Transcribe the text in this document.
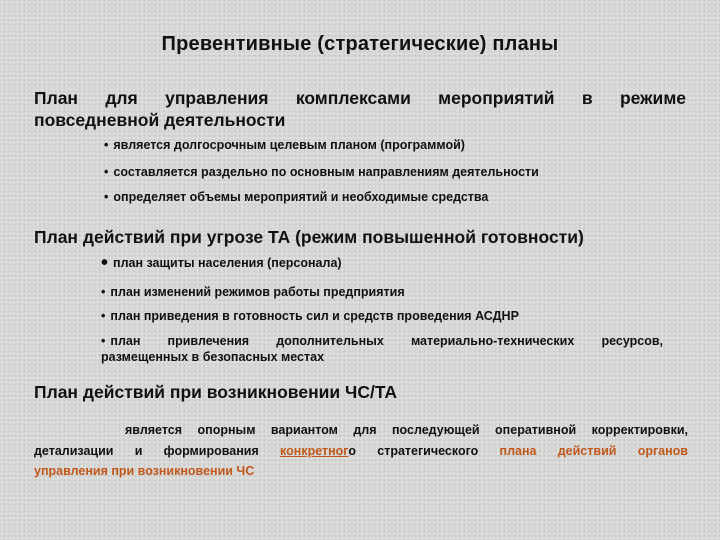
Превентивные (стратегические) планы
План для управления комплексами мероприятий в режиме
повседневной деятельности
• является долгосрочным целевым планом (программой)
• составляется раздельно по основным направлениям деятельности
• определяет объемы мероприятий и необходимые средства
План действий при угрозе ТА (режим повышенной готовности)
• план защиты населения (персонала)
• план изменений режимов работы предприятия
• план приведения в готовность сил и средств проведения АСДНР
• план привлечения дополнительных материально-технических ресурсов,
размещенных в безопасных местах
План действий при возникновении ЧС/ТА
является опорным вариантом для последующей оперативной корректировки,
детализации и формирования конкретного стратегического плана действий органов
управления при возникновении ЧС
